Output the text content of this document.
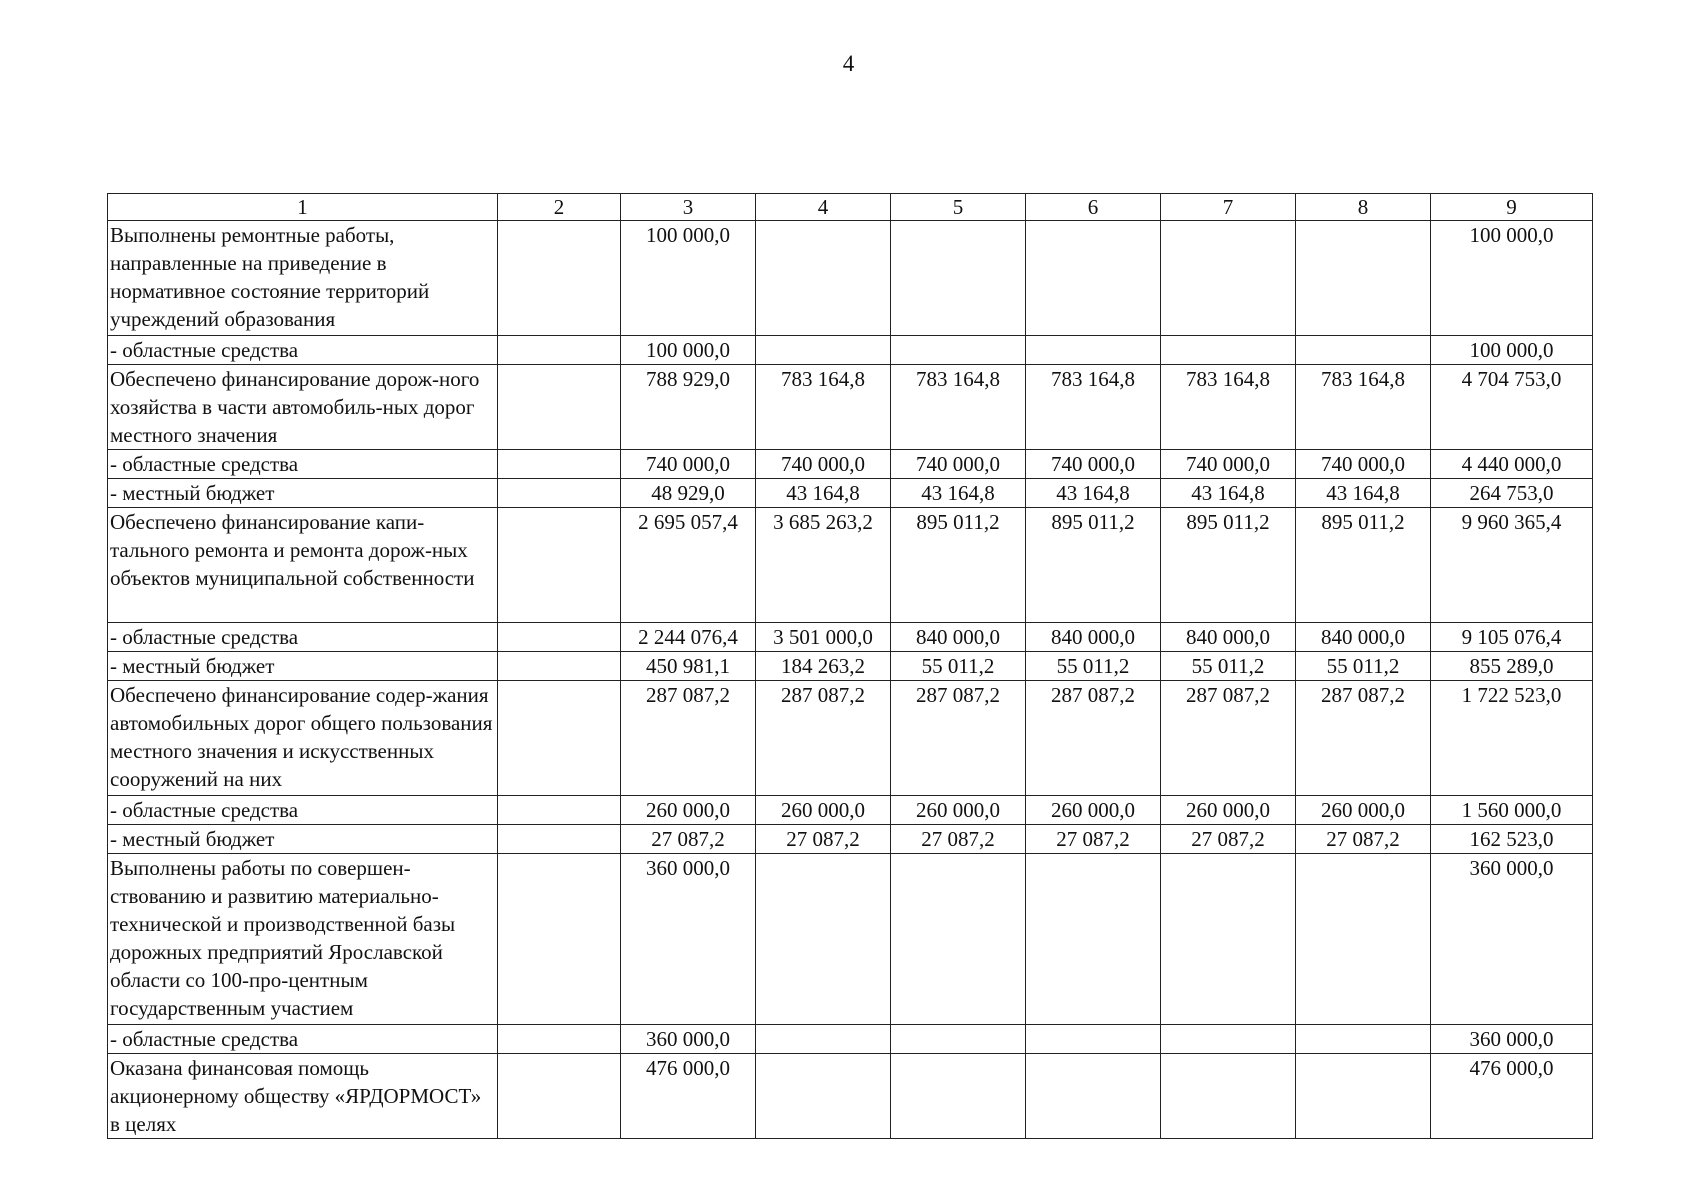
4
1	2	3	4	5	6	7	8	9
Выполнены ремонтные работы, направленные на приведение в нормативное состояние территорий учреждений образования		100 000,0						100 000,0
- областные средства		100 000,0						100 000,0
Обеспечено финансирование дорож-ного хозяйства в части автомобиль-ных дорог местного значения		788 929,0	783 164,8	783 164,8	783 164,8	783 164,8	783 164,8	4 704 753,0
- областные средства		740 000,0	740 000,0	740 000,0	740 000,0	740 000,0	740 000,0	4 440 000,0
- местный бюджет		48 929,0	43 164,8	43 164,8	43 164,8	43 164,8	43 164,8	264 753,0
Обеспечено финансирование капи-тального ремонта и ремонта дорож-ных объектов муниципальной собственности		2 695 057,4	3 685 263,2	895 011,2	895 011,2	895 011,2	895 011,2	9 960 365,4
- областные средства		2 244 076,4	3 501 000,0	840 000,0	840 000,0	840 000,0	840 000,0	9 105 076,4
- местный бюджет		450 981,1	184 263,2	55 011,2	55 011,2	55 011,2	55 011,2	855 289,0
Обеспечено финансирование содер-жания автомобильных дорог общего пользования местного значения и искусственных сооружений на них		287 087,2	287 087,2	287 087,2	287 087,2	287 087,2	287 087,2	1 722 523,0
- областные средства		260 000,0	260 000,0	260 000,0	260 000,0	260 000,0	260 000,0	1 560 000,0
- местный бюджет		27 087,2	27 087,2	27 087,2	27 087,2	27 087,2	27 087,2	162 523,0
Выполнены работы по совершен-ствованию и развитию материально-технической и производственной базы дорожных предприятий Ярославской области со 100-про-центным государственным участием		360 000,0						360 000,0
- областные средства		360 000,0						360 000,0
Оказана финансовая помощь акционерному обществу «ЯРДОРМОСТ» в целях		476 000,0						476 000,0
